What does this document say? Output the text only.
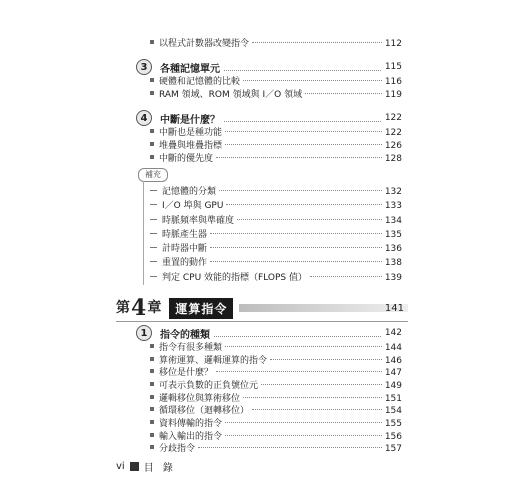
以程式計數器改變指令	112
3	各種記憶單元	115
硬體和記憶體的比較	116
RAM 領域、ROM 領域與 I／O 領域	119
4	中斷是什麼？	122
中斷也是種功能	122
堆疊與堆疊指標	126
中斷的優先度	128
補充
記憶體的分類	132
I／O 埠與 GPU	133
時脈頻率與準確度	134
時脈產生器	135
計時器中斷	136
重置的動作	138
判定 CPU 效能的指標（FLOPS 值）	139
第4章	運算指令	141
1	指令的種類	142
指令有很多種類	144
算術運算、邏輯運算的指令	146
移位是什麼？	147
可表示負數的正負號位元	149
邏輯移位與算術移位	151
循環移位（迴轉移位）	154
資料傳輸的指令	155
輸入輸出的指令	156
分歧指令	157
vi 目 錄
